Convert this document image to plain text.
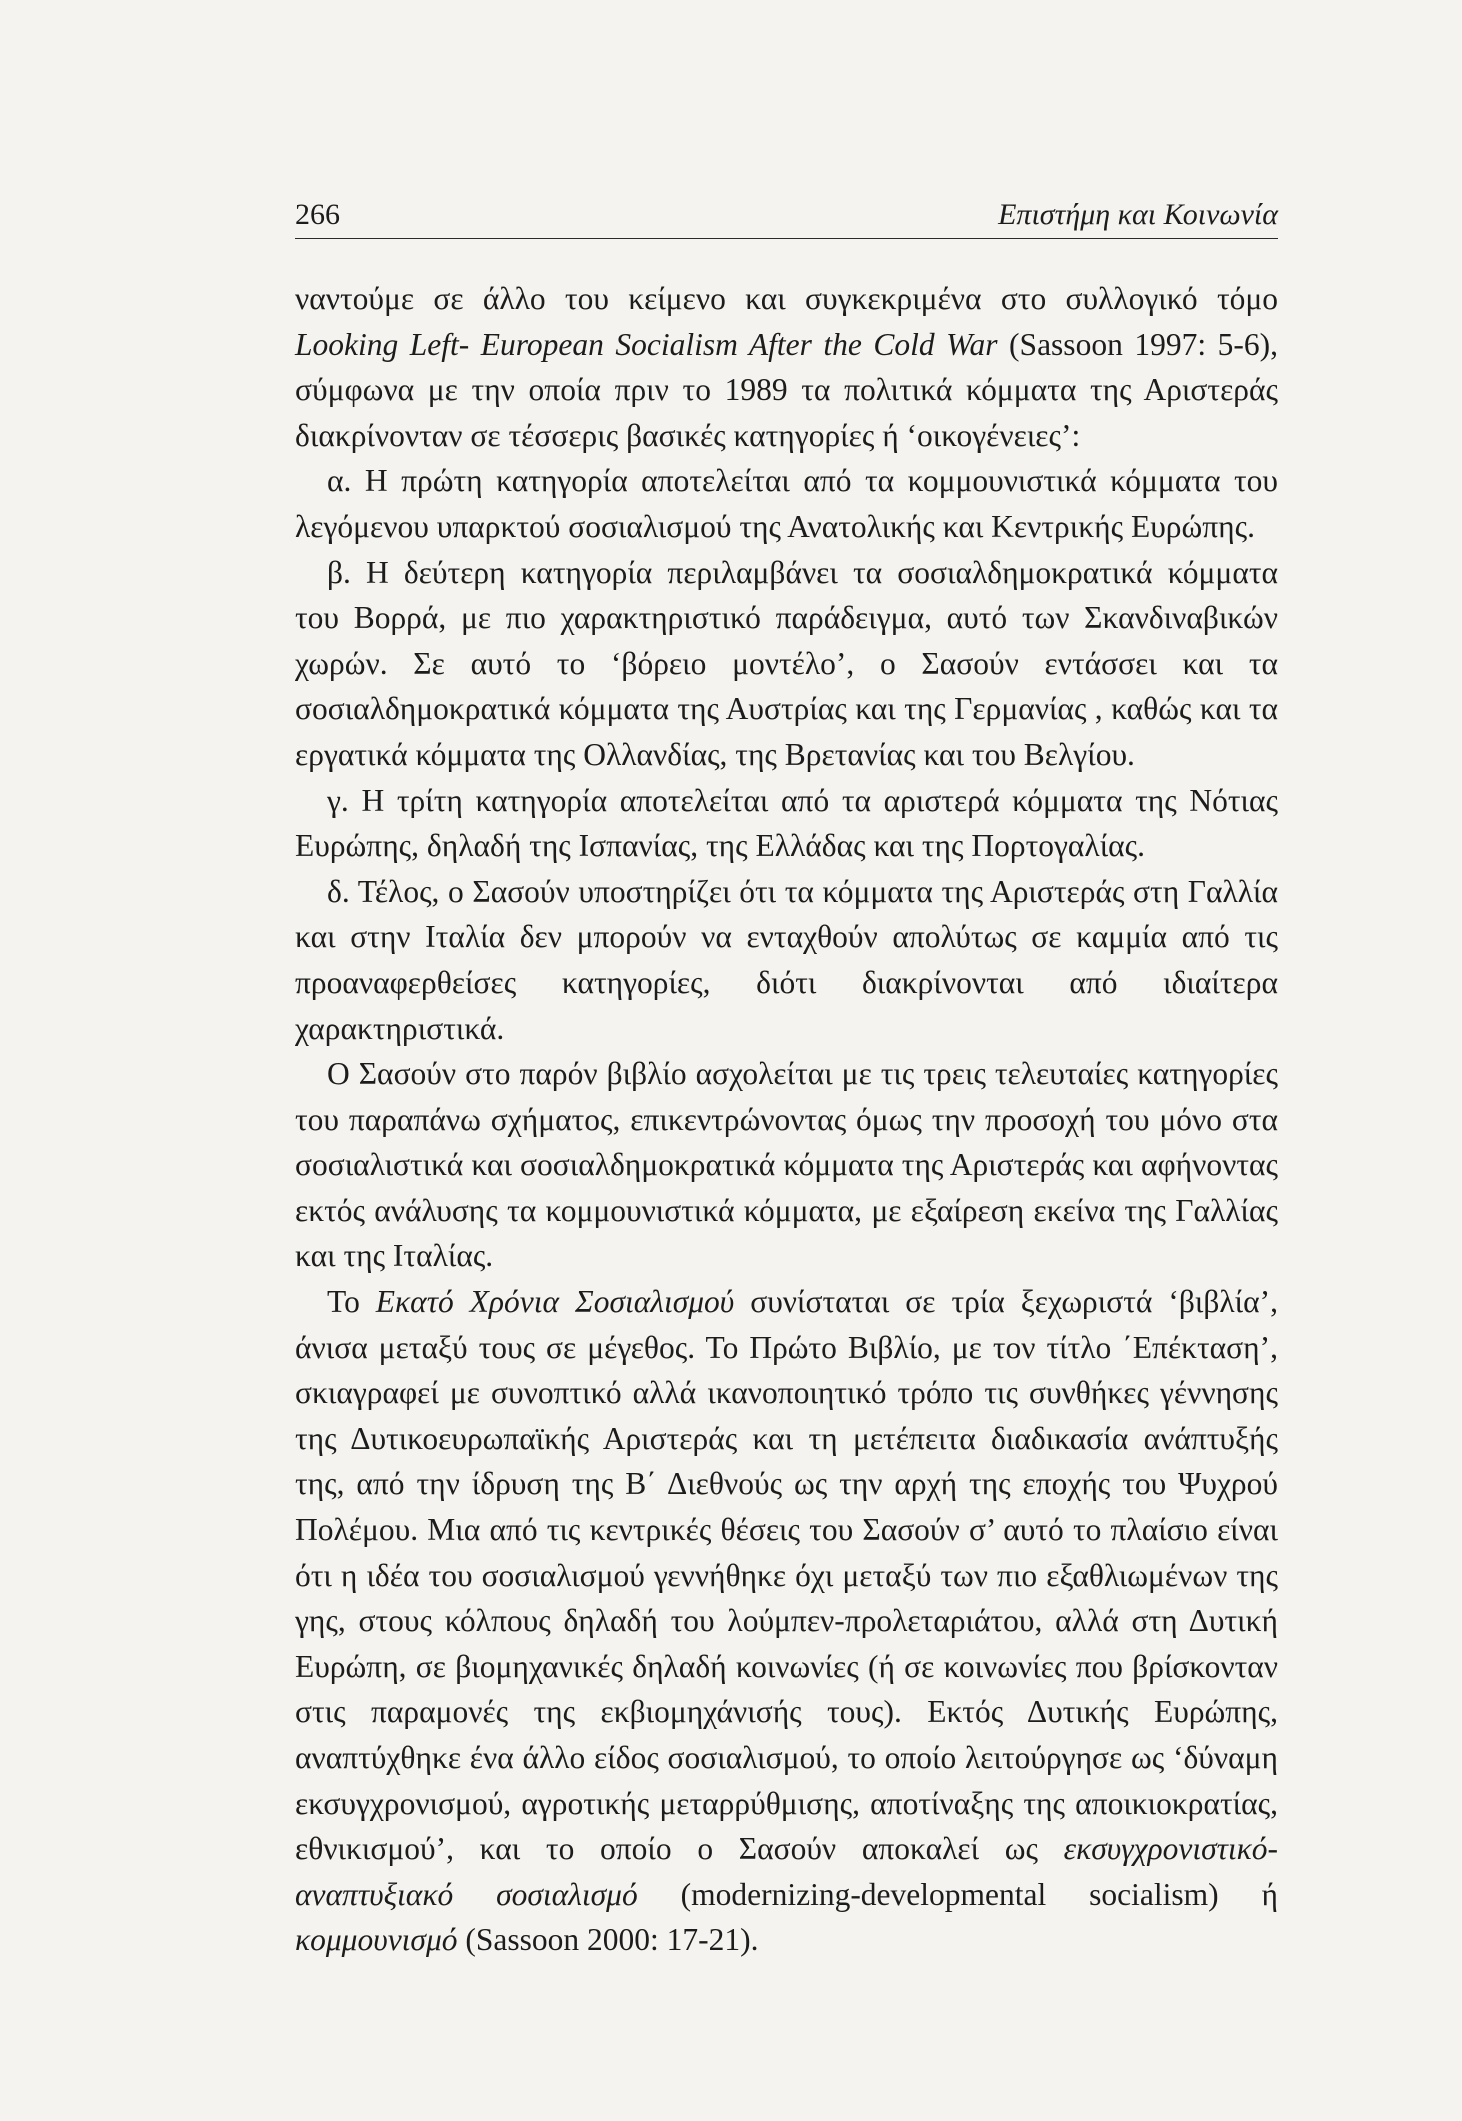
266	Επιστήμη και Κοινωνία

ναντούμε σε άλλο του κείμενο και συγκεκριμένα στο συλλογικό τόμο Looking Left- European Socialism After the Cold War (Sassoon 1997: 5-6), σύμφωνα με την οποία πριν το 1989 τα πολιτικά κόμματα της Αριστεράς διακρίνονταν σε τέσσερις βασικές κατηγορίες ή ‘οικογένειες’:

α. Η πρώτη κατηγορία αποτελείται από τα κομμουνιστικά κόμματα του λεγόμενου υπαρκτού σοσιαλισμού της Ανατολικής και Κεντρικής Ευρώπης.

β. Η δεύτερη κατηγορία περιλαμβάνει τα σοσιαλδημοκρατικά κόμματα του Βορρά, με πιο χαρακτηριστικό παράδειγμα, αυτό των Σκανδιναβικών χωρών. Σε αυτό το ‘βόρειο μοντέλο’, ο Σασούν εντάσσει και τα σοσιαλδημοκρατικά κόμματα της Αυστρίας και της Γερμανίας , καθώς και τα εργατικά κόμματα της Ολλανδίας, της Βρετανίας και του Βελγίου.

γ. Η τρίτη κατηγορία αποτελείται από τα αριστερά κόμματα της Νότιας Ευρώπης, δηλαδή της Ισπανίας, της Ελλάδας και της Πορτογαλίας.

δ. Τέλος, ο Σασούν υποστηρίζει ότι τα κόμματα της Αριστεράς στη Γαλλία και στην Ιταλία δεν μπορούν να ενταχθούν απολύτως σε καμμία από τις προαναφερθείσες κατηγορίες, διότι διακρίνονται από ιδιαίτερα χαρακτηριστικά.

Ο Σασούν στο παρόν βιβλίο ασχολείται με τις τρεις τελευταίες κατηγορίες του παραπάνω σχήματος, επικεντρώνοντας όμως την προσοχή του μόνο στα σοσιαλιστικά και σοσιαλδημοκρατικά κόμματα της Αριστεράς και αφήνοντας εκτός ανάλυσης τα κομμουνιστικά κόμματα, με εξαίρεση εκείνα της Γαλλίας και της Ιταλίας.

Το Εκατό Χρόνια Σοσιαλισμού συνίσταται σε τρία ξεχωριστά ‘βιβλία’, άνισα μεταξύ τους σε μέγεθος. Το Πρώτο Βιβλίο, με τον τίτλο ΄Επέκταση’, σκιαγραφεί με συνοπτικό αλλά ικανοποιητικό τρόπο τις συνθήκες γέννησης της Δυτικοευρωπαϊκής Αριστεράς και τη μετέπειτα διαδικασία ανάπτυξής της, από την ίδρυση της Β΄ Διεθνούς ως την αρχή της εποχής του Ψυχρού Πολέμου. Μια από τις κεντρικές θέσεις του Σασούν σ’ αυτό το πλαίσιο είναι ότι η ιδέα του σοσιαλισμού γεννήθηκε όχι μεταξύ των πιο εξαθλιωμένων της γης, στους κόλπους δηλαδή του λούμπεν-προλεταριάτου, αλλά στη Δυτική Ευρώπη, σε βιομηχανικές δηλαδή κοινωνίες (ή σε κοινωνίες που βρίσκονταν στις παραμονές της εκβιομηχάνισής τους). Εκτός Δυτικής Ευρώπης, αναπτύχθηκε ένα άλλο είδος σοσιαλισμού, το οποίο λειτούργησε ως ‘δύναμη εκσυγχρονισμού, αγροτικής μεταρρύθμισης, αποτίναξης της αποικιοκρατίας, εθνικισμού’, και το οποίο ο Σασούν αποκαλεί ως εκσυγχρονιστικό- αναπτυξιακό σοσιαλισμό (modernizing-developmental socialism) ή κομμουνισμό (Sassoon 2000: 17-21).
